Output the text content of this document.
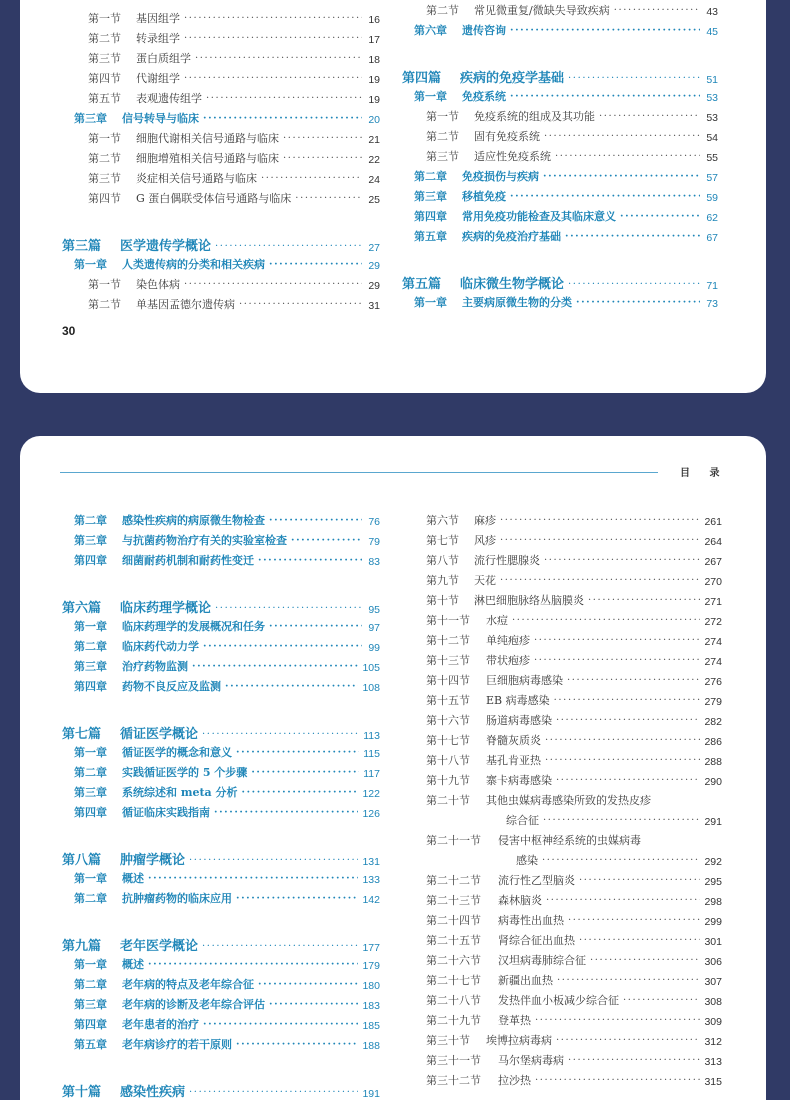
第一节	基因组学 ·····	16
第二节	转录组学 ·····	17
第三节	蛋白质组学 ·····	18
第四节	代谢组学 ·····	19
第五节	表观遗传组学 ·····	19
第三章	信号转导与临床 ·····	20
第一节	细胞代谢相关信号通路与临床 ·····	21
第二节	细胞增殖相关信号通路与临床 ·····	22
第三节	炎症相关信号通路与临床 ·····	24
第四节	G 蛋白偶联受体信号通路与临床 ·····	25
第三篇	医学遗传学概论 ·····	27
第一章	人类遗传病的分类和相关疾病 ·····	29
第一节	染色体病 ·····	29
第二节	单基因孟德尔遗传病 ·····	31
第二节	常见微重复/微缺失导致疾病 ·····	43
第六章	遗传咨询 ·····	45
第四篇	疾病的免疫学基础 ·····	51
第一章	免疫系统 ·····	53
第一节	免疫系统的组成及其功能 ·····	53
第二节	固有免疫系统 ·····	54
第三节	适应性免疫系统 ·····	55
第二章	免疫损伤与疾病 ·····	57
第三章	移植免疫 ·····	59
第四章	常用免疫功能检查及其临床意义 ·····	62
第五章	疾病的免疫治疗基础 ·····	67
第五篇	临床微生物学概论 ·····	71
第一章	主要病原微生物的分类 ·····	73
30
目 录
第二章	感染性疾病的病原微生物检查 ·····	76
第三章	与抗菌药物治疗有关的实验室检查 ·····	79
第四章	细菌耐药机制和耐药性变迁 ·····	83
第六篇	临床药理学概论 ·····	95
第一章	临床药理学的发展概况和任务 ·····	97
第二章	临床药代动力学 ·····	99
第三章	治疗药物监测 ·····	105
第四章	药物不良反应及监测 ·····	108
第七篇	循证医学概论 ·····	113
第一章	循证医学的概念和意义 ·····	115
第二章	实践循证医学的 5 个步骤 ·····	117
第三章	系统综述和 meta 分析 ·····	122
第四章	循证临床实践指南 ·····	126
第八篇	肿瘤学概论 ·····	131
第一章	概述 ·····	133
第二章	抗肿瘤药物的临床应用 ·····	142
第九篇	老年医学概论 ·····	177
第一章	概述 ·····	179
第二章	老年病的特点及老年综合征 ·····	180
第三章	老年病的诊断及老年综合评估 ·····	183
第四章	老年患者的治疗 ·····	185
第五章	老年病诊疗的若干原则 ·····	188
第十篇	感染性疾病 ·····	191
第六节	麻疹 ·····	261
第七节	风疹 ·····	264
第八节	流行性腮腺炎 ·····	267
第九节	天花 ·····	270
第十节	淋巴细胞脉络丛脑膜炎 ·····	271
第十一节	水痘 ·····	272
第十二节	单纯疱疹 ·····	274
第十三节	带状疱疹 ·····	274
第十四节	巨细胞病毒感染 ·····	276
第十五节	EB 病毒感染 ·····	279
第十六节	肠道病毒感染 ·····	282
第十七节	脊髓灰质炎 ·····	286
第十八节	基孔肯亚热 ·····	288
第十九节	寨卡病毒感染 ·····	290
第二十节	其他虫媒病毒感染所致的发热皮疹
综合征 ·····	291
第二十一节	侵害中枢神经系统的虫媒病毒
感染 ·····	292
第二十二节	流行性乙型脑炎 ·····	295
第二十三节	森林脑炎 ·····	298
第二十四节	病毒性出血热 ·····	299
第二十五节	肾综合征出血热 ·····	301
第二十六节	汉坦病毒肺综合征 ·····	306
第二十七节	新疆出血热 ·····	307
第二十八节	发热伴血小板减少综合征 ·····	308
第二十九节	登革热 ·····	309
第三十节	埃博拉病毒病 ·····	312
第三十一节	马尔堡病毒病 ·····	313
第三十二节	拉沙热 ·····	315
